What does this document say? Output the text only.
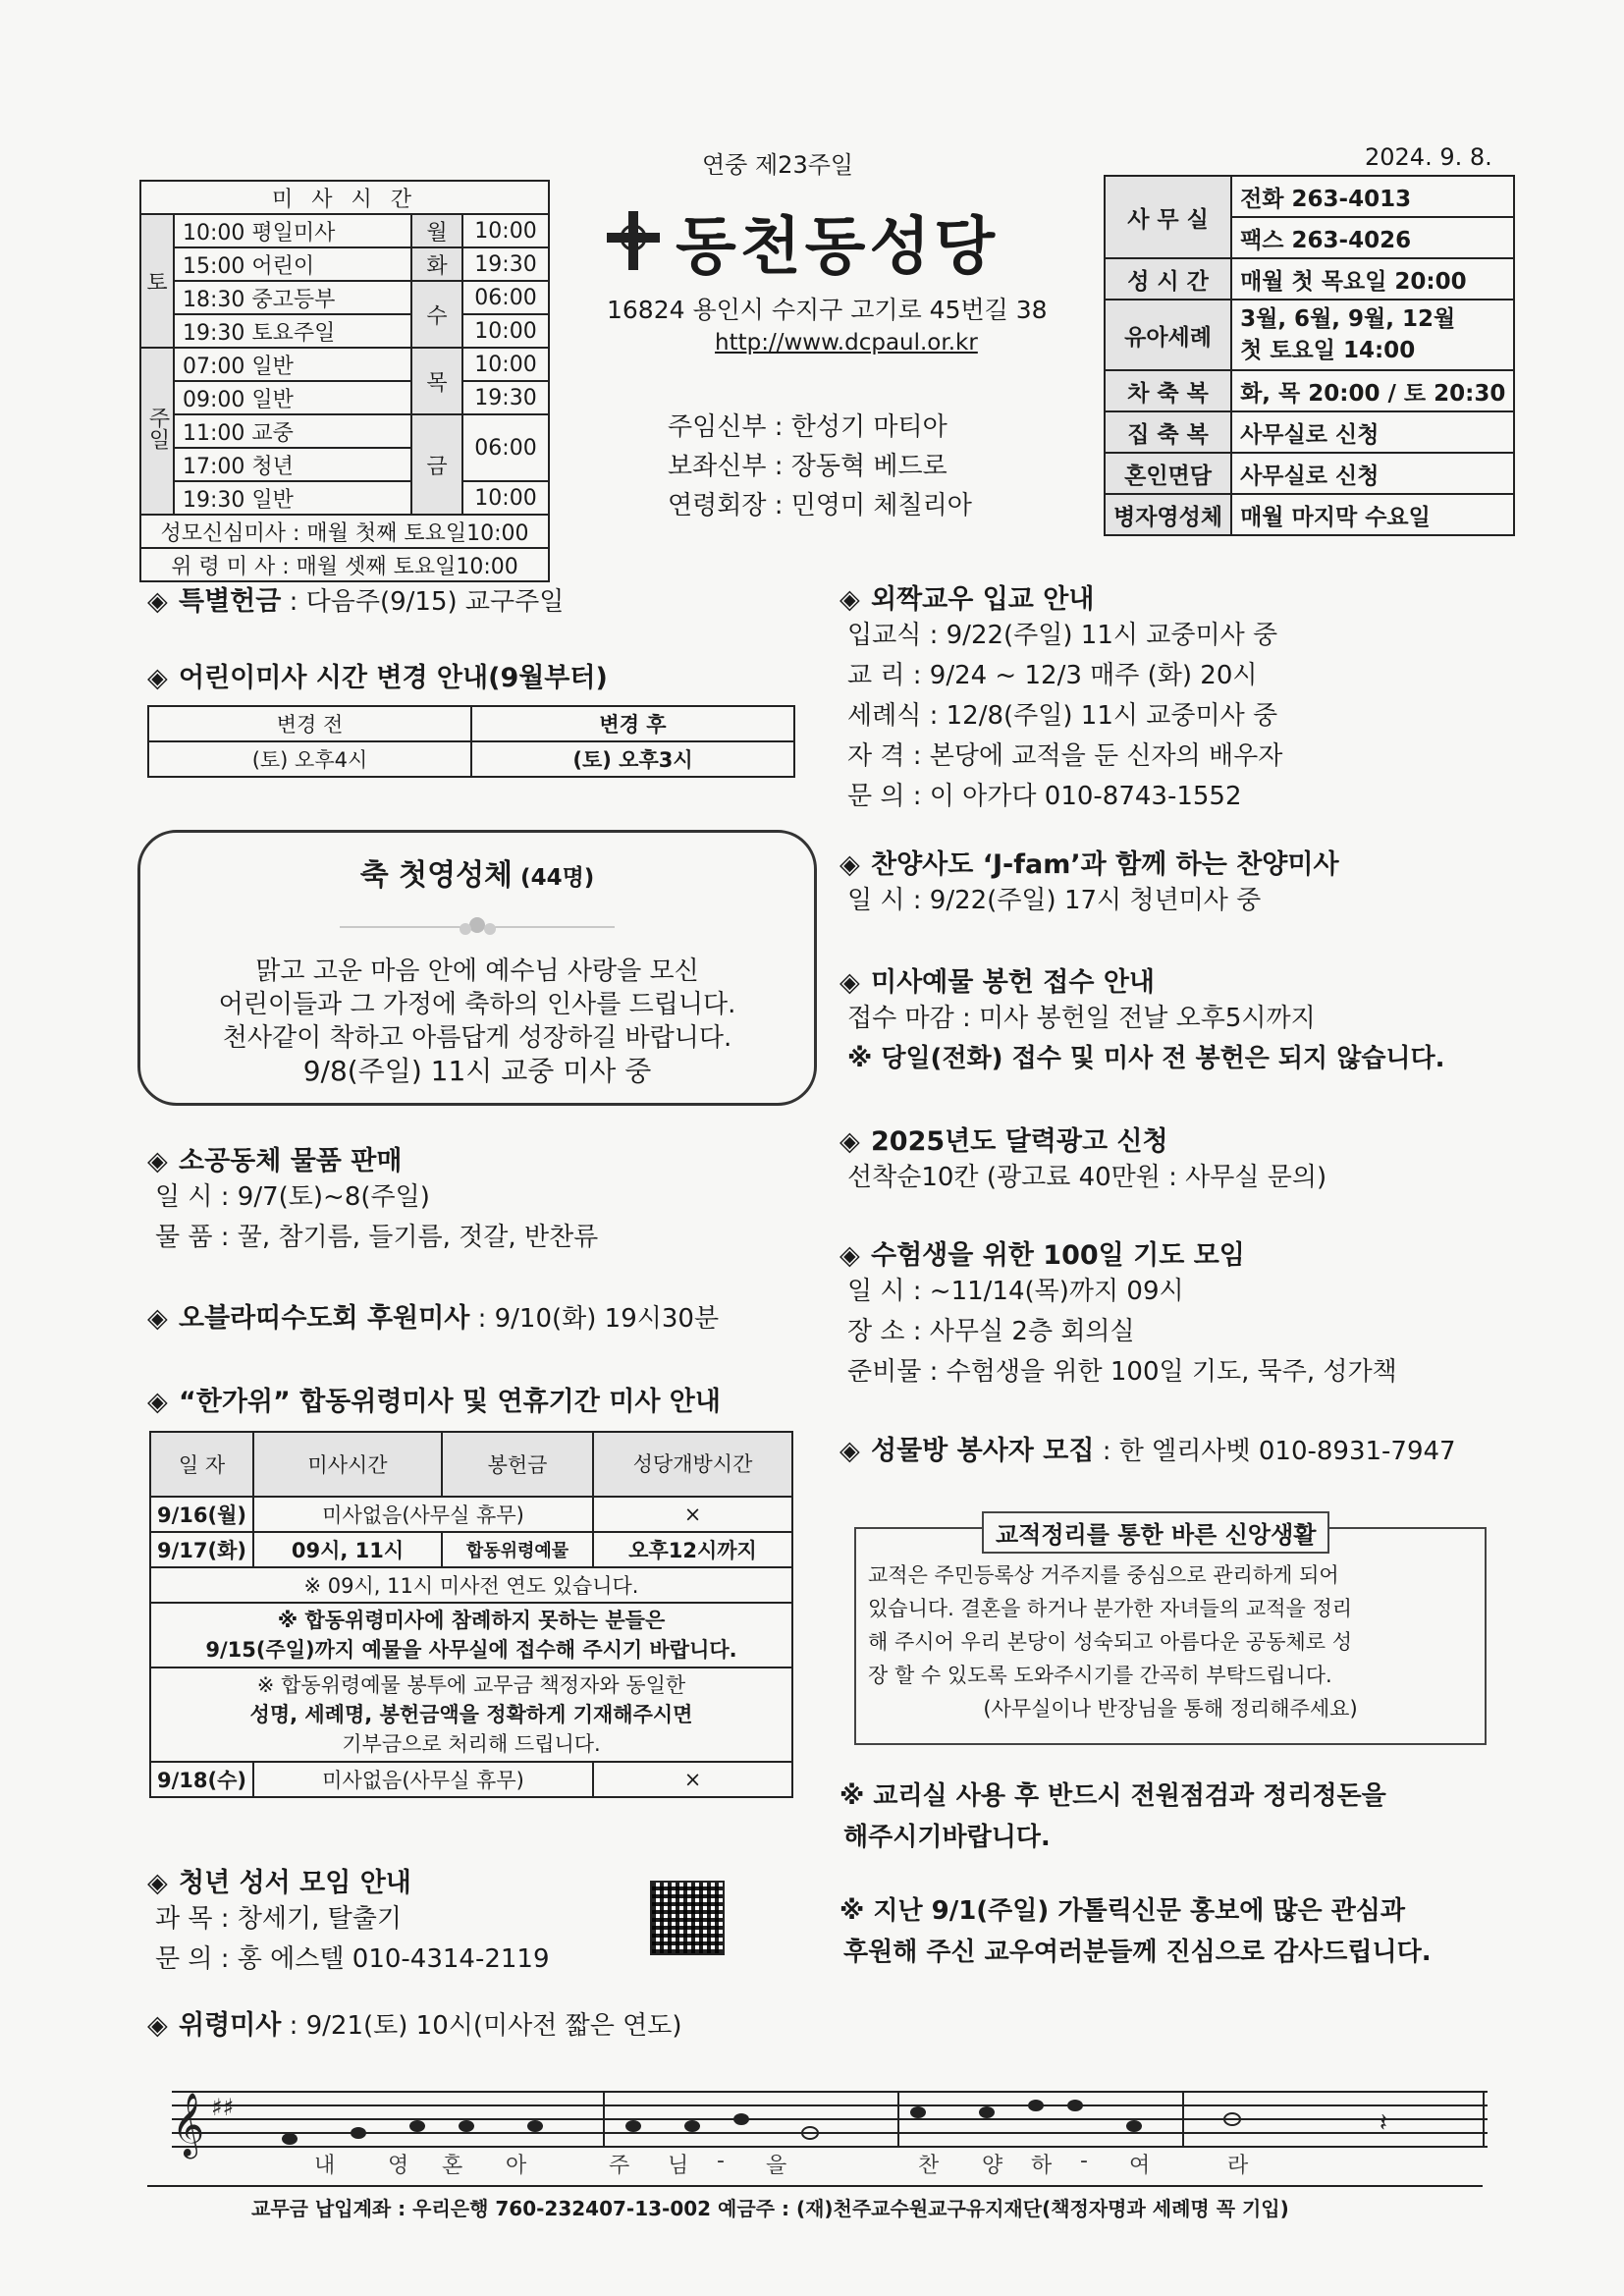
연중 제23주일	2024. 9. 8.
미 사 시 간			
토	10:00 평일미사	월	10:00
	15:00 어린이	화	19:30
	18:30 중고등부	수	06:00
	19:30 토요주일		10:00
주일	07:00 일반	목	10:00
	09:00 일반		19:30
	11:00 교중	금	06:00
	17:00 청년		
	19:30 일반		10:00
성모신심미사 : 매월 첫째 토요일10:00			
위 령 미 사 : 매월 셋째 토요일10:00			
동천동성당
16824 용인시 수지구 고기로 45번길 38
http://www.dcpaul.or.kr
주임신부 : 한성기 마티아
보좌신부 : 장동혁 베드로
연령회장 : 민영미 체칠리아
사 무 실	전화 263-4013
	팩스 263-4026
성 시 간	매월 첫 목요일 20:00
유아세례	3월, 6월, 9월, 12월
첫 토요일 14:00

차 축 복	화, 목 20:00 / 토 20:30
집 축 복	사무실로 신청
혼인면담	사무실로 신청
병자영성체	매월 마지막 수요일
◈ 특별헌금 : 다음주(9/15) 교구주일
◈ 어린이미사 시간 변경 안내(9월부터)
변경 전	변경 후
(토) 오후4시	(토) 오후3시
축 첫영성체 (44명)
맑고 고운 마음 안에 예수님 사랑을 모신
어린이들과 그 가정에 축하의 인사를 드립니다.
천사같이 착하고 아름답게 성장하길 바랍니다.
9/8(주일) 11시 교중 미사 중
◈ 소공동체 물품 판매
일 시 : 9/7(토)~8(주일)
물 품 : 꿀, 참기름, 들기름, 젓갈, 반찬류
◈ 오블라띠수도회 후원미사 : 9/10(화) 19시30분
◈ “한가위” 합동위령미사 및 연휴기간 미사 안내
일 자	미사시간	봉헌금	성당개방시간
9/16(월)	미사없음(사무실 휴무)		×
9/17(화)	09시, 11시	합동위령예물	오후12시까지
※ 09시, 11시 미사전 연도 있습니다.			

※ 합동위령미사에 참례하지 못하는 분들은
9/15(주일)까지 예물을 사무실에 접수해 주시기 바랍니다.			

※ 합동위령예물 봉투에 교무금 책정자와 동일한
성명, 세례명, 봉헌금액을 정확하게 기재해주시면
기부금으로 처리해 드립니다.			

9/18(수)	미사없음(사무실 휴무)		×
◈ 청년 성서 모임 안내
과 목 : 창세기, 탈출기
문 의 : 홍 에스텔 010-4314-2119
◈ 위령미사 : 9/21(토) 10시(미사전 짧은 연도)
◈ 외짝교우 입교 안내
입교식 : 9/22(주일) 11시 교중미사 중
교 리 : 9/24 ~ 12/3 매주 (화) 20시
세례식 : 12/8(주일) 11시 교중미사 중
자 격 : 본당에 교적을 둔 신자의 배우자
문 의 : 이 아가다 010-8743-1552
◈ 찬양사도 ‘J-fam’과 함께 하는 찬양미사
일 시 : 9/22(주일) 17시 청년미사 중
◈ 미사예물 봉헌 접수 안내
접수 마감 : 미사 봉헌일 전날 오후5시까지
※ 당일(전화) 접수 및 미사 전 봉헌은 되지 않습니다.
◈ 2025년도 달력광고 신청
선착순10칸 (광고료 40만원 : 사무실 문의)
◈ 수험생을 위한 100일 기도 모임
일 시 : ~11/14(목)까지 09시
장 소 : 사무실 2층 회의실
준비물 : 수험생을 위한 100일 기도, 묵주, 성가책
◈ 성물방 봉사자 모집 : 한 엘리사벳 010-8931-7947
교적정리를 통한 바른 신앙생활
교적은 주민등록상 거주지를 중심으로 관리하게 되어
있습니다. 결혼을 하거나 분가한 자녀들의 교적을 정리
해 주시어 우리 본당이 성숙되고 아름다운 공동체로 성
장 할 수 있도록 도와주시기를 간곡히 부탁드립니다.
(사무실이나 반장님을 통해 정리해주세요)
※ 교리실 사용 후 반드시 전원점검과 정리정돈을
해주시기바랍니다.
※ 지난 9/1(주일) 가톨릭신문 홍보에 많은 관심과
후원해 주신 교우여러분들께 진심으로 감사드립니다.
𝄞 ♯♯
𝄽
내 영 혼 아	주 님 - 을	찬 양 하 - 여	라
교무금 납입계좌 : 우리은행 760-232407-13-002 예금주 : (재)천주교수원교구유지재단(책정자명과 세례명 꼭 기입)
